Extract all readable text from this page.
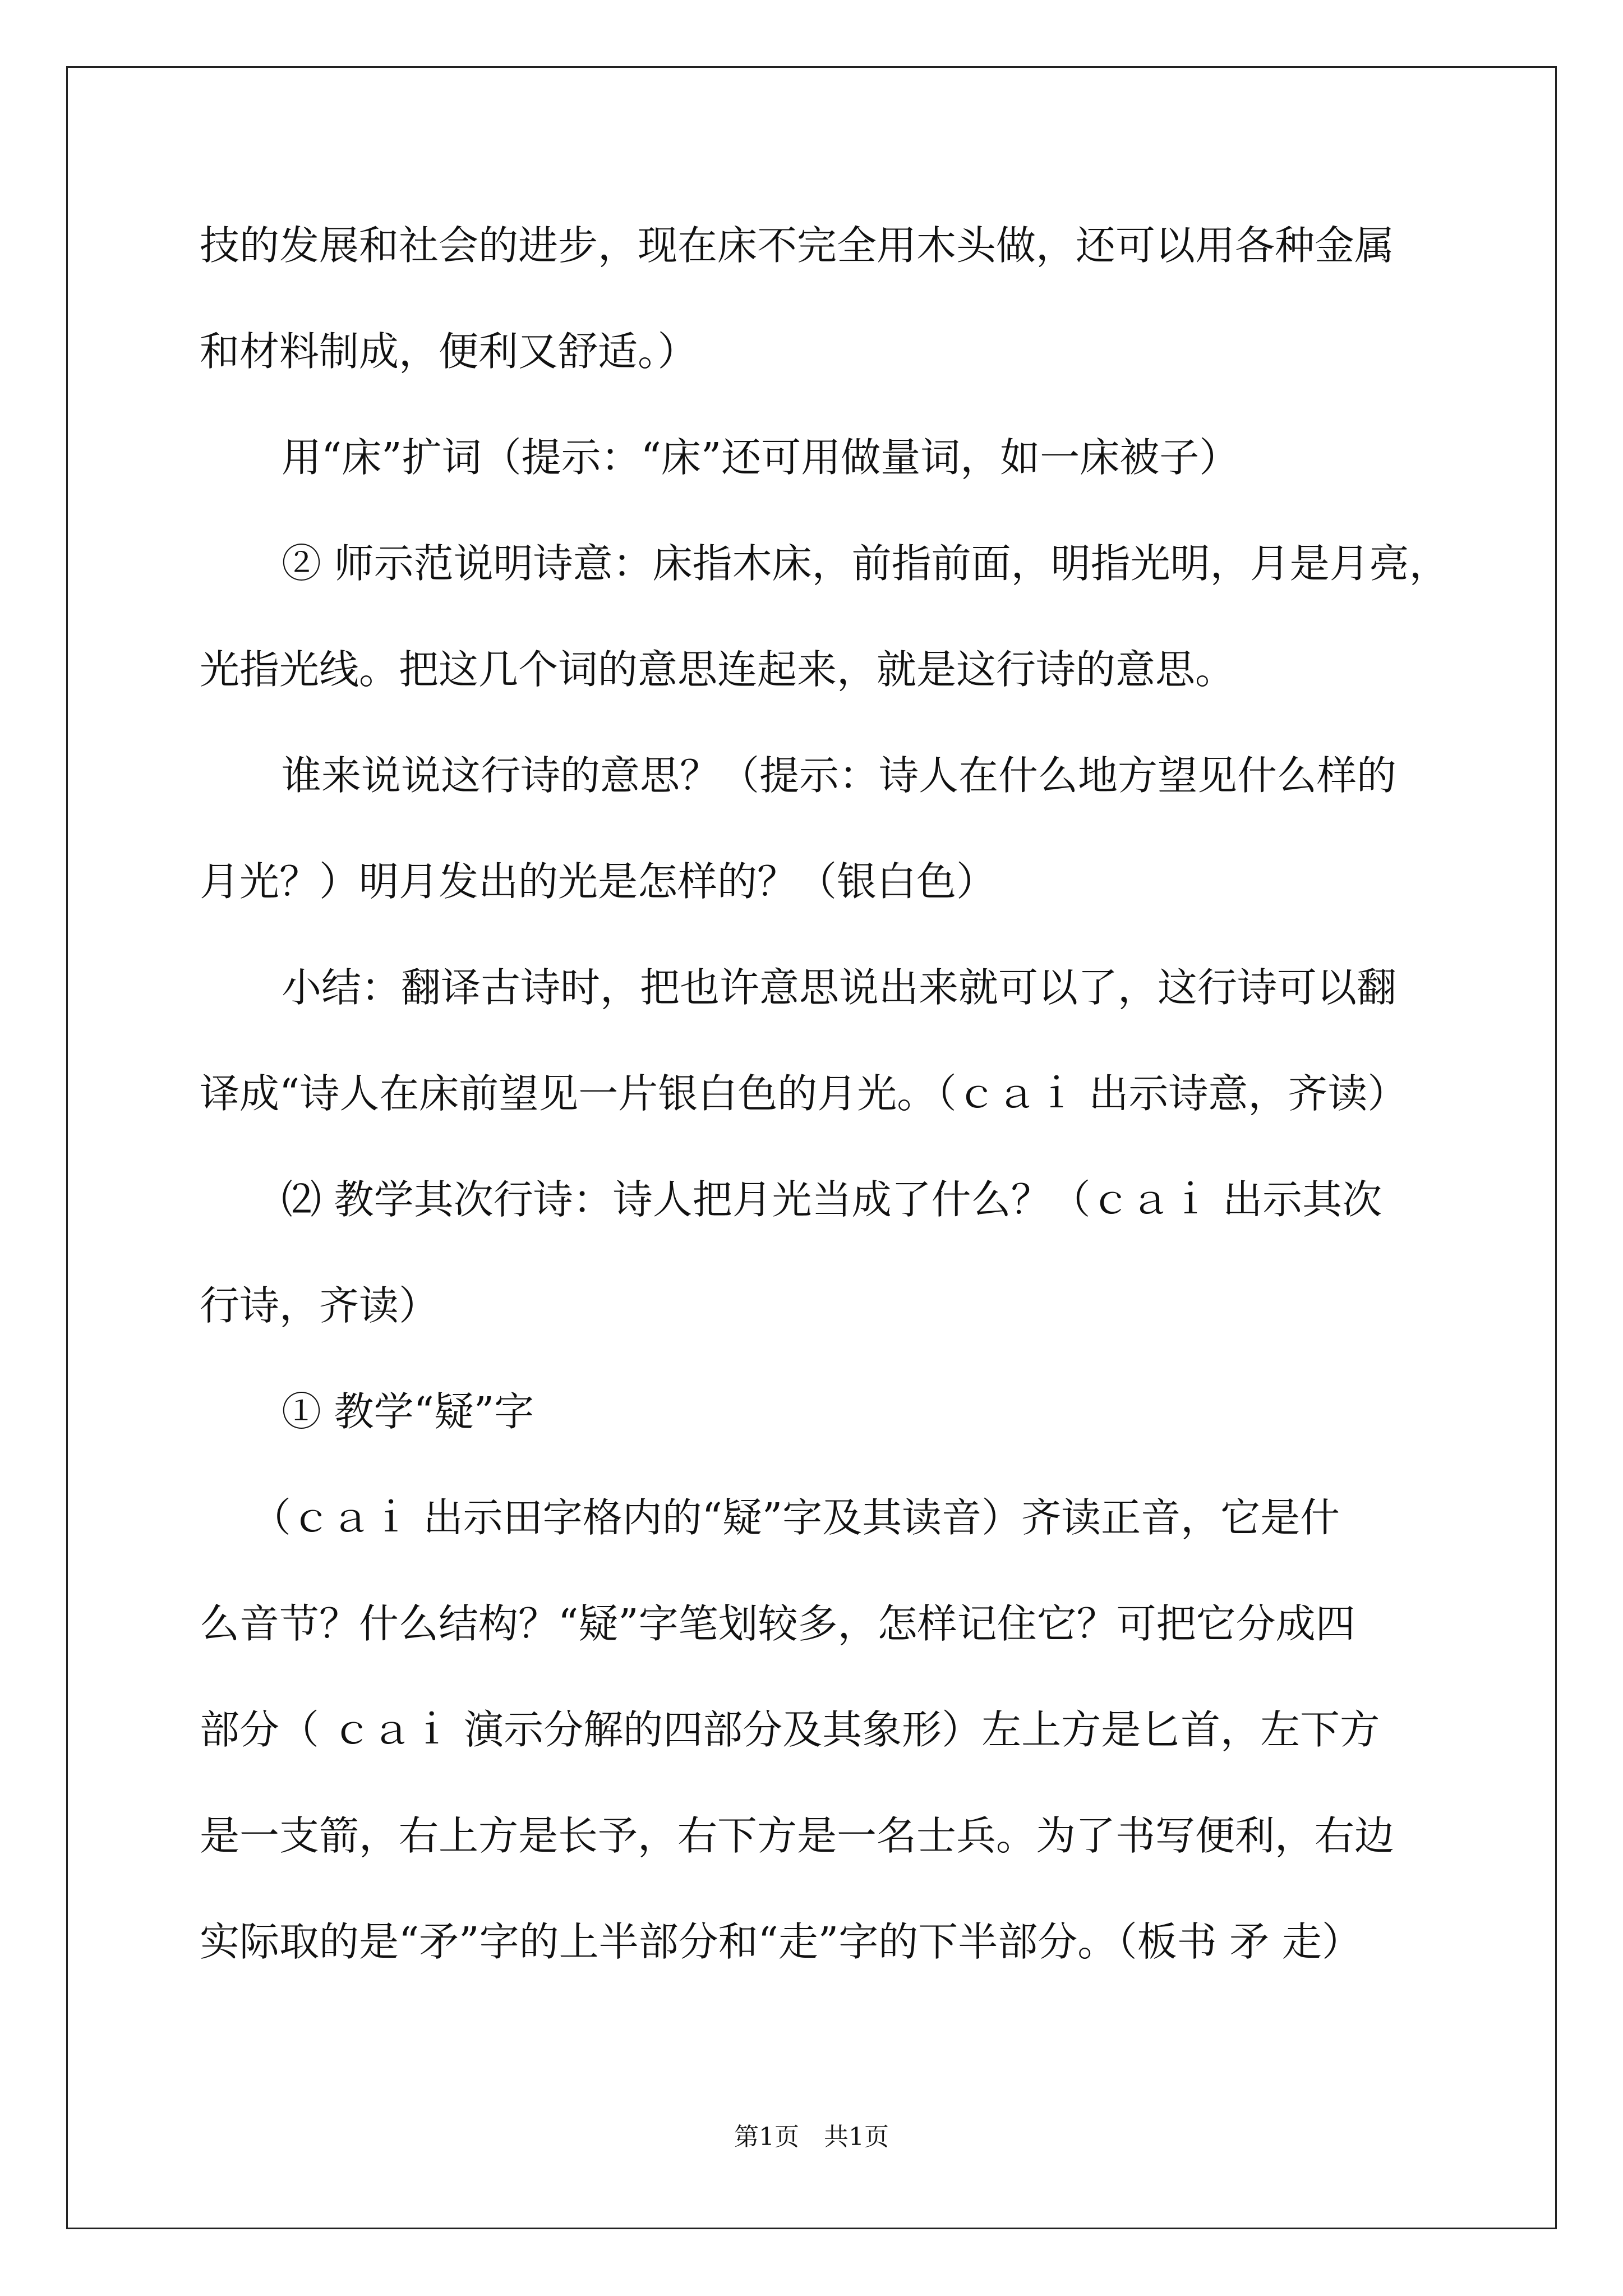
技的发展和社会的进步，现在床不完全用木头做，还可以用各种金属
和材料制成，便利又舒适。）
用“床”扩词（提示：“床”还可用做量词，如一床被子）
② 师示范说明诗意：床指木床，前指前面，明指光明，月是月亮，
光指光线。把这几个词的意思连起来，就是这行诗的意思。
谁来说说这行诗的意思？（提示：诗人在什么地方望见什么样的
月光？）明月发出的光是怎样的？（银白色）
小结：翻译古诗时，把也许意思说出来就可以了，这行诗可以翻
译成“诗人在床前望见一片银白色的月光。（ｃａｉ 出示诗意，齐读）
⑵ 教学其次行诗：诗人把月光当成了什么？（ｃａｉ 出示其次
行诗，齐读）
① 教学“疑”字
（ｃａｉ 出示田字格内的“疑”字及其读音）齐读正音，它是什
么音节？什么结构？“疑”字笔划较多，怎样记住它？可把它分成四
部分（ ｃａｉ 演示分解的四部分及其象形）左上方是匕首，左下方
是一支箭，右上方是长予，右下方是一名士兵。为了书写便利，右边
实际取的是“矛”字的上半部分和“走”字的下半部分。（板书 矛 走）
第1页　共1页
